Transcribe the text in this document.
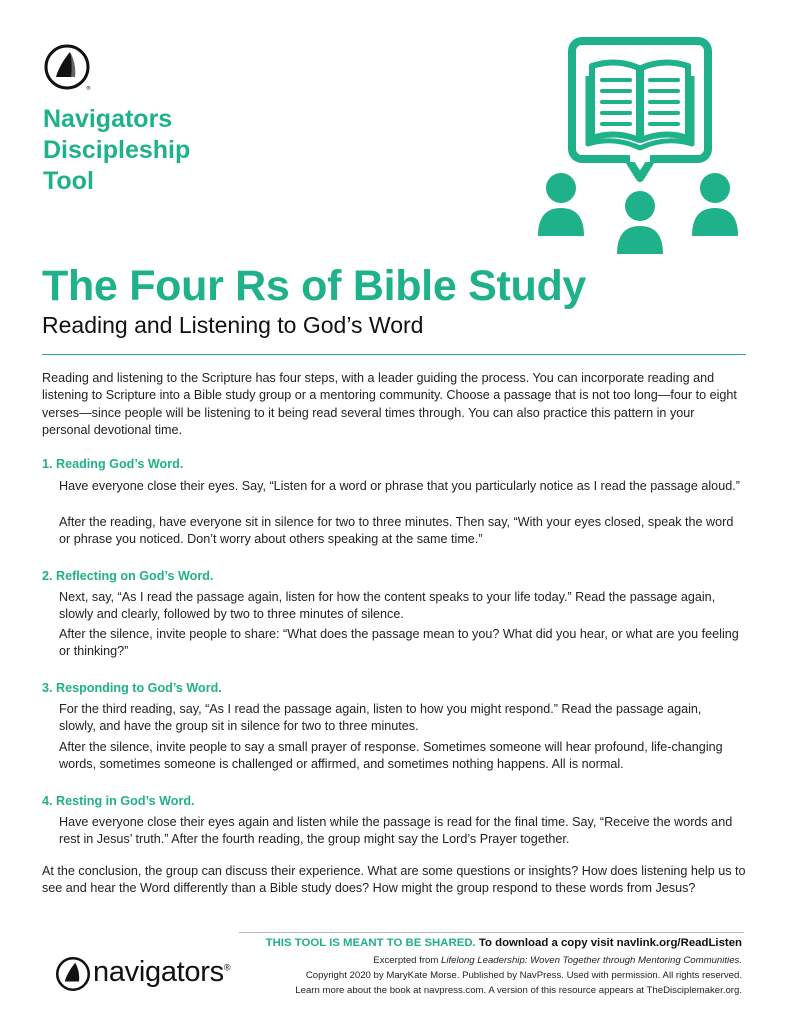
®
Navigators
Discipleship
Tool
The Four Rs of Bible Study
Reading and Listening to God’s Word
Reading and listening to the Scripture has four steps, with a leader guiding the process. You can incorporate reading and listening to Scripture into a Bible study group or a mentoring community. Choose a passage that is not too long—four to eight verses—since people will be listening to it being read several times through. You can also practice this pattern in your personal devotional time.
1. Reading God’s Word.
Have everyone close their eyes. Say, “Listen for a word or phrase that you particularly notice as I read the passage aloud.”
After the reading, have everyone sit in silence for two to three minutes. Then say, “With your eyes closed, speak the word or phrase you noticed. Don’t worry about others speaking at the same time.”
2. Reflecting on God’s Word.
Next, say, “As I read the passage again, listen for how the content speaks to your life today.” Read the passage again, slowly and clearly, followed by two to three minutes of silence.
After the silence, invite people to share: “What does the passage mean to you? What did you hear, or what are you feeling or thinking?”
3. Responding to God’s Word.
For the third reading, say, “As I read the passage again, listen to how you might respond.” Read the passage again, slowly, and have the group sit in silence for two to three minutes.
After the silence, invite people to say a small prayer of response. Sometimes someone will hear profound, life-changing words, sometimes someone is challenged or affirmed, and sometimes nothing happens. All is normal.
4. Resting in God’s Word.
Have everyone close their eyes again and listen while the passage is read for the final time. Say, “Receive the words and rest in Jesus’ truth.” After the fourth reading, the group might say the Lord’s Prayer together.
At the conclusion, the group can discuss their experience. What are some questions or insights? How does listening help us to see and hear the Word differently than a Bible study does? How might the group respond to these words from Jesus?
THIS TOOL IS MEANT TO BE SHARED. To download a copy visit navlink.org/ReadListen
Excerpted from Lifelong Leadership: Woven Together through Mentoring Communities.
Copyright 2020 by MaryKate Morse. Published by NavPress. Used with permission. All rights reserved.
Learn more about the book at navpress.com. A version of this resource appears at TheDisciplemaker.org.
navigators®
